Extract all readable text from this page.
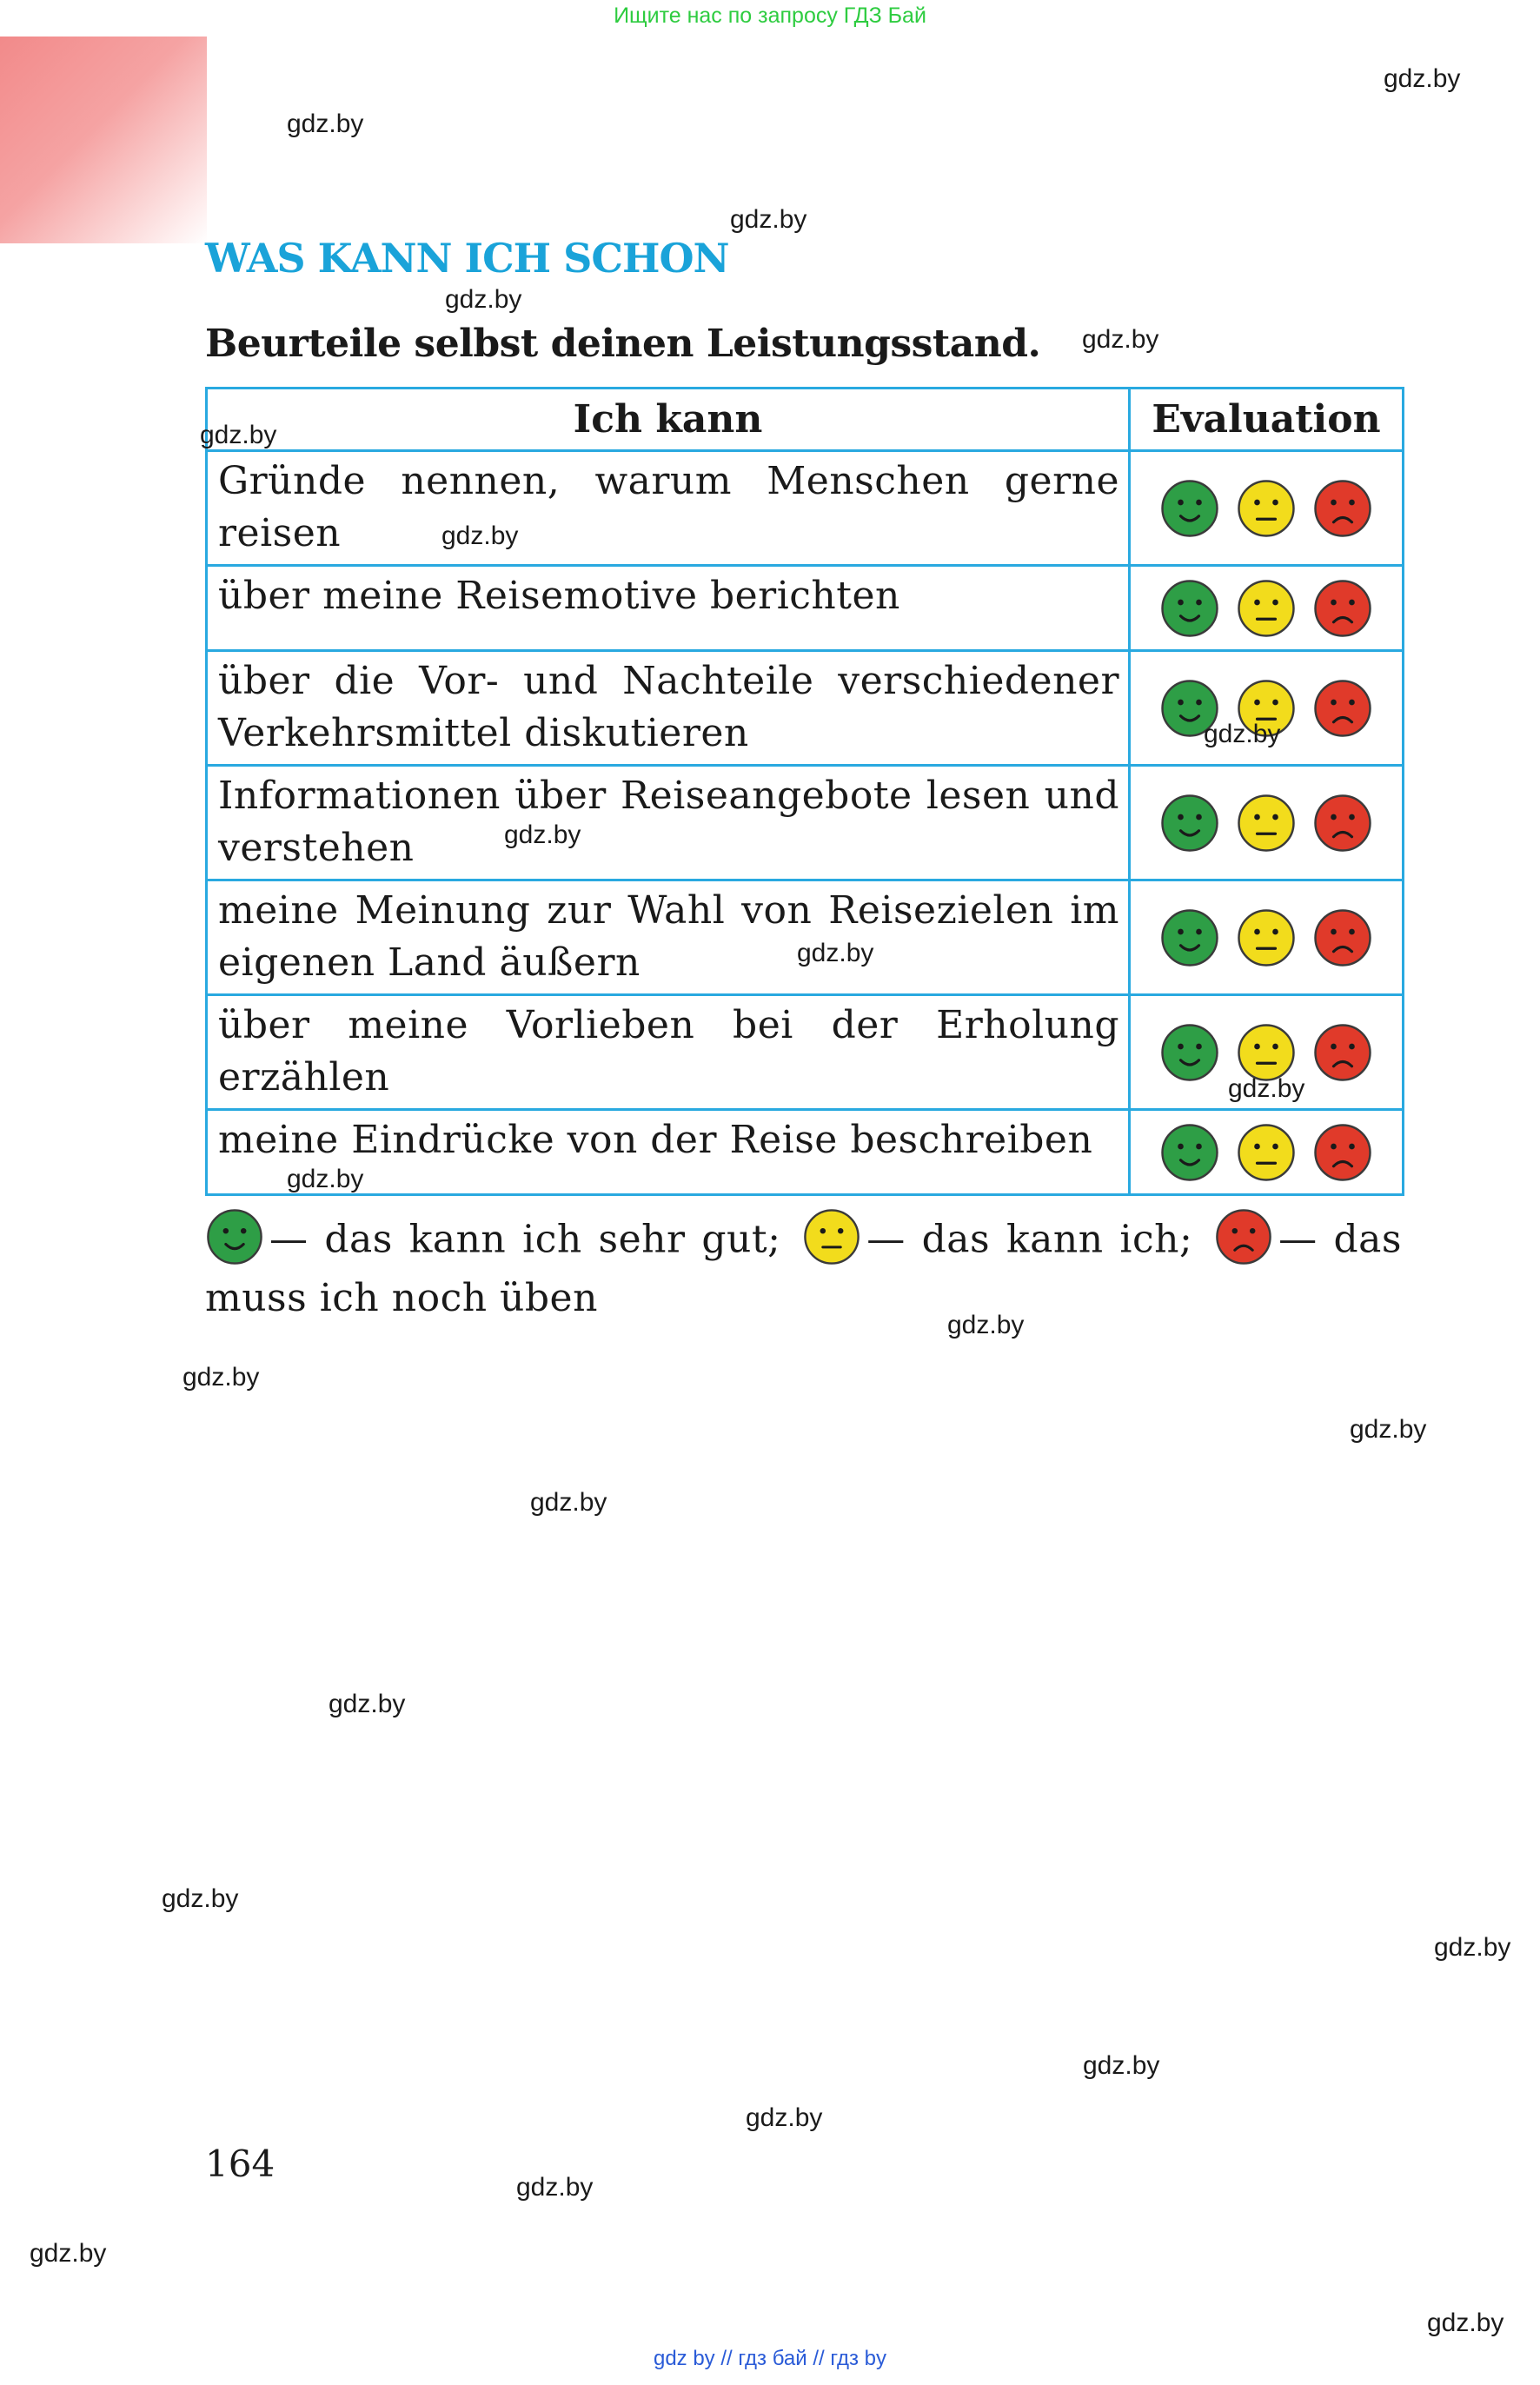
Ищите нас по запросу ГДЗ Бай
WAS KANN ICH SCHON

Beurteile selbst deinen Leistungsstand.

Ich kann	Evaluation
Gründe nennen, warum Menschen gerne reisen	
über meine Reisemotive berichten	
über die Vor- und Nachteile verschiedener Verkehrsmittel diskutieren	
Informationen über Reiseangebote lesen und verstehen	
meine Meinung zur Wahl von Reisezielen im eigenen Land äußern	
über meine Vorlieben bei der Erholung erzählen	
meine Eindrücke von der Reise beschreiben	

— das kann ich sehr gut; — das kann ich; — das muss ich noch üben

164
gdz.by
gdz.by
gdz.by
gdz.by
gdz.by
gdz.by
gdz.by
gdz.by
gdz.by
gdz.by
gdz.by
gdz.by
gdz.by
gdz.by
gdz.by
gdz.by
gdz.by
gdz.by
gdz.by
gdz.by
gdz.by
gdz.by
gdz.by
gdz.by
gdz by // гдз бай // гдз by
